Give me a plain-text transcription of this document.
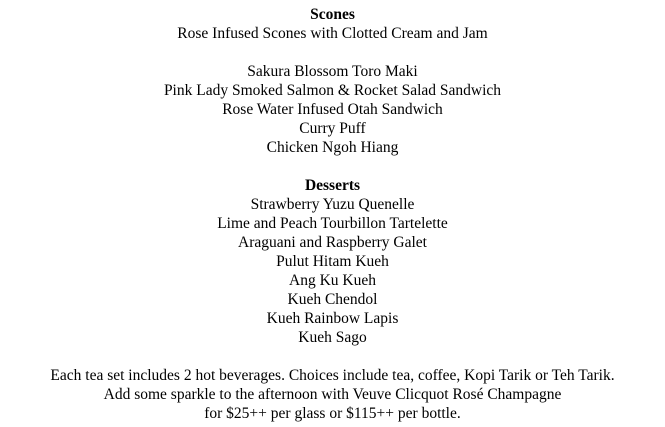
Scones
Rose Infused Scones with Clotted Cream and Jam
Sakura Blossom Toro Maki
Pink Lady Smoked Salmon & Rocket Salad Sandwich
Rose Water Infused Otah Sandwich
Curry Puff
Chicken Ngoh Hiang
Desserts
Strawberry Yuzu Quenelle
Lime and Peach Tourbillon Tartelette
Araguani and Raspberry Galet
Pulut Hitam Kueh
Ang Ku Kueh
Kueh Chendol
Kueh Rainbow Lapis
Kueh Sago
Each tea set includes 2 hot beverages. Choices include tea, coffee, Kopi Tarik or Teh Tarik.
Add some sparkle to the afternoon with Veuve Clicquot Rosé Champagne
for $25++ per glass or $115++ per bottle.
